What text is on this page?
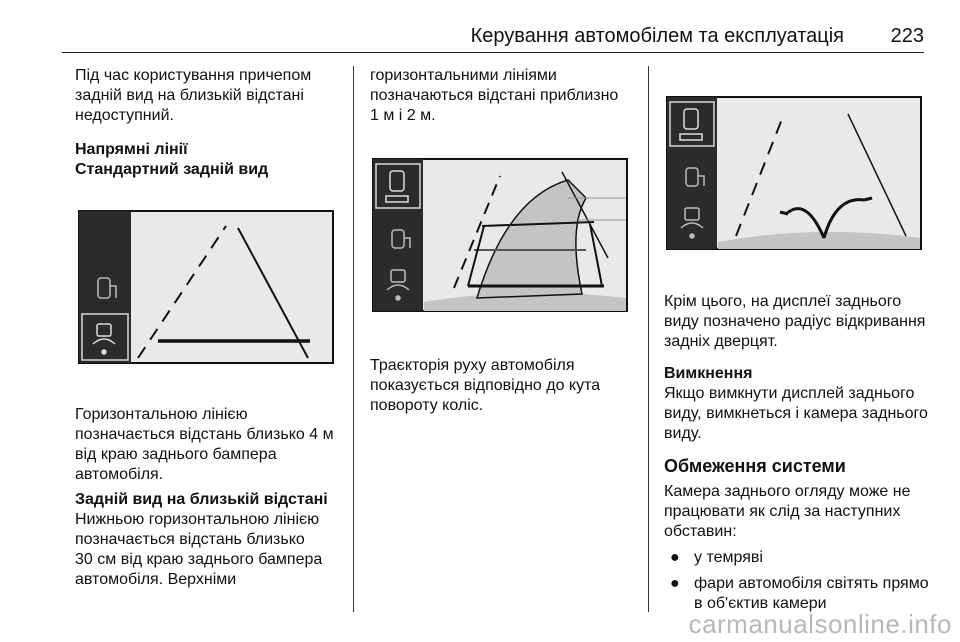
Керування автомобілем та експлуатація 223

Під час користування причепом
задній вид на близькій відстані
недоступний.

Напрямні лінії

Стандартний задній вид

Горизонтальною лінією
позначається відстань близько 4 м
від краю заднього бампера
автомобіля.

Задній вид на близькій відстані

Нижньою горизонтальною лінією
позначається відстань близько
30 см від краю заднього бампера
автомобіля. Верхніми

горизонтальними лініями
позначаються відстані приблизно
1 м і 2 м.

Траєкторія руху автомобіля
показується відповідно до кута
повороту коліс.

Крім цього, на дисплеї заднього
виду позначено радіус відкривання
задніх дверцят.

Вимкнення

Якщо вимкнути дисплей заднього
виду, вимкнеться і камера заднього
виду.

Обмеження системи

Камера заднього огляду може не
працювати як слід за наступних
обставин:

● у темряві
● фари автомобіля світять прямо
в об'єктив камери
carmanualsonline.info
